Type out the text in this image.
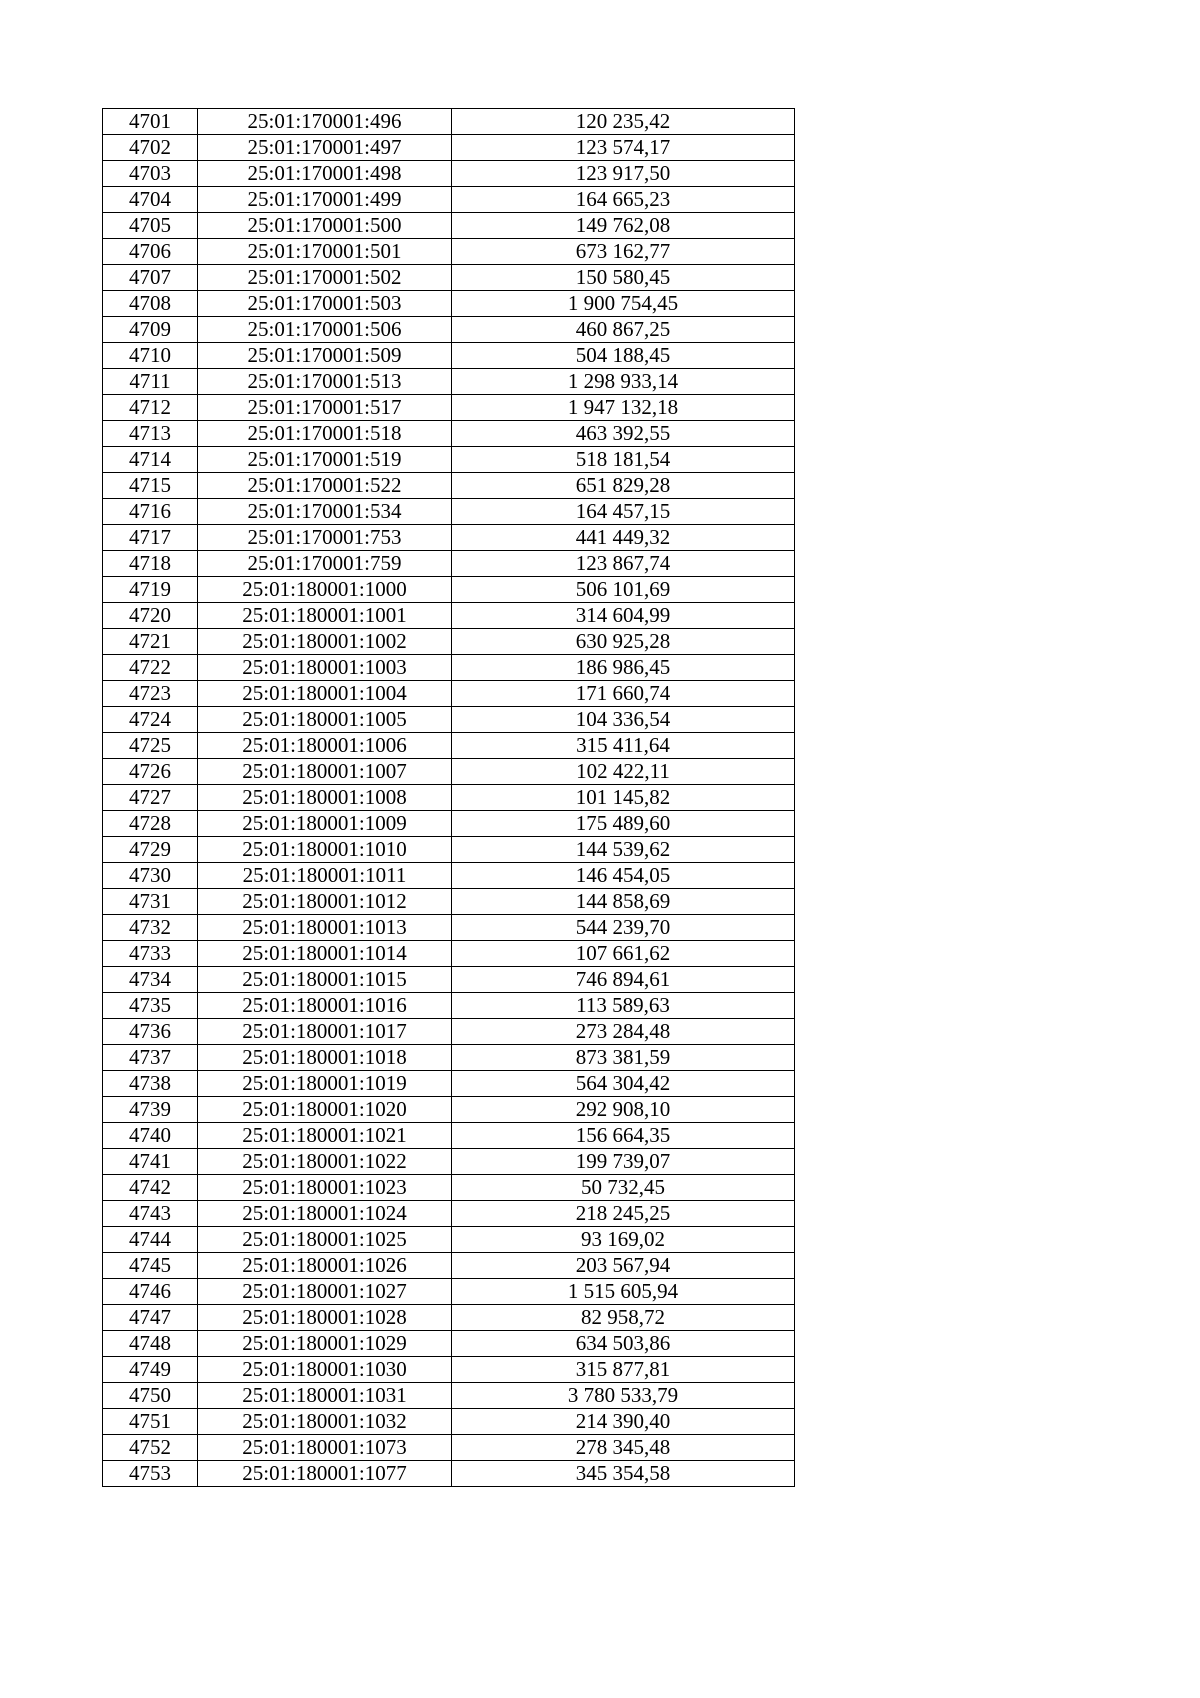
4701	25:01:170001:496	120 235,42
4702	25:01:170001:497	123 574,17
4703	25:01:170001:498	123 917,50
4704	25:01:170001:499	164 665,23
4705	25:01:170001:500	149 762,08
4706	25:01:170001:501	673 162,77
4707	25:01:170001:502	150 580,45
4708	25:01:170001:503	1 900 754,45
4709	25:01:170001:506	460 867,25
4710	25:01:170001:509	504 188,45
4711	25:01:170001:513	1 298 933,14
4712	25:01:170001:517	1 947 132,18
4713	25:01:170001:518	463 392,55
4714	25:01:170001:519	518 181,54
4715	25:01:170001:522	651 829,28
4716	25:01:170001:534	164 457,15
4717	25:01:170001:753	441 449,32
4718	25:01:170001:759	123 867,74
4719	25:01:180001:1000	506 101,69
4720	25:01:180001:1001	314 604,99
4721	25:01:180001:1002	630 925,28
4722	25:01:180001:1003	186 986,45
4723	25:01:180001:1004	171 660,74
4724	25:01:180001:1005	104 336,54
4725	25:01:180001:1006	315 411,64
4726	25:01:180001:1007	102 422,11
4727	25:01:180001:1008	101 145,82
4728	25:01:180001:1009	175 489,60
4729	25:01:180001:1010	144 539,62
4730	25:01:180001:1011	146 454,05
4731	25:01:180001:1012	144 858,69
4732	25:01:180001:1013	544 239,70
4733	25:01:180001:1014	107 661,62
4734	25:01:180001:1015	746 894,61
4735	25:01:180001:1016	113 589,63
4736	25:01:180001:1017	273 284,48
4737	25:01:180001:1018	873 381,59
4738	25:01:180001:1019	564 304,42
4739	25:01:180001:1020	292 908,10
4740	25:01:180001:1021	156 664,35
4741	25:01:180001:1022	199 739,07
4742	25:01:180001:1023	50 732,45
4743	25:01:180001:1024	218 245,25
4744	25:01:180001:1025	93 169,02
4745	25:01:180001:1026	203 567,94
4746	25:01:180001:1027	1 515 605,94
4747	25:01:180001:1028	82 958,72
4748	25:01:180001:1029	634 503,86
4749	25:01:180001:1030	315 877,81
4750	25:01:180001:1031	3 780 533,79
4751	25:01:180001:1032	214 390,40
4752	25:01:180001:1073	278 345,48
4753	25:01:180001:1077	345 354,58
